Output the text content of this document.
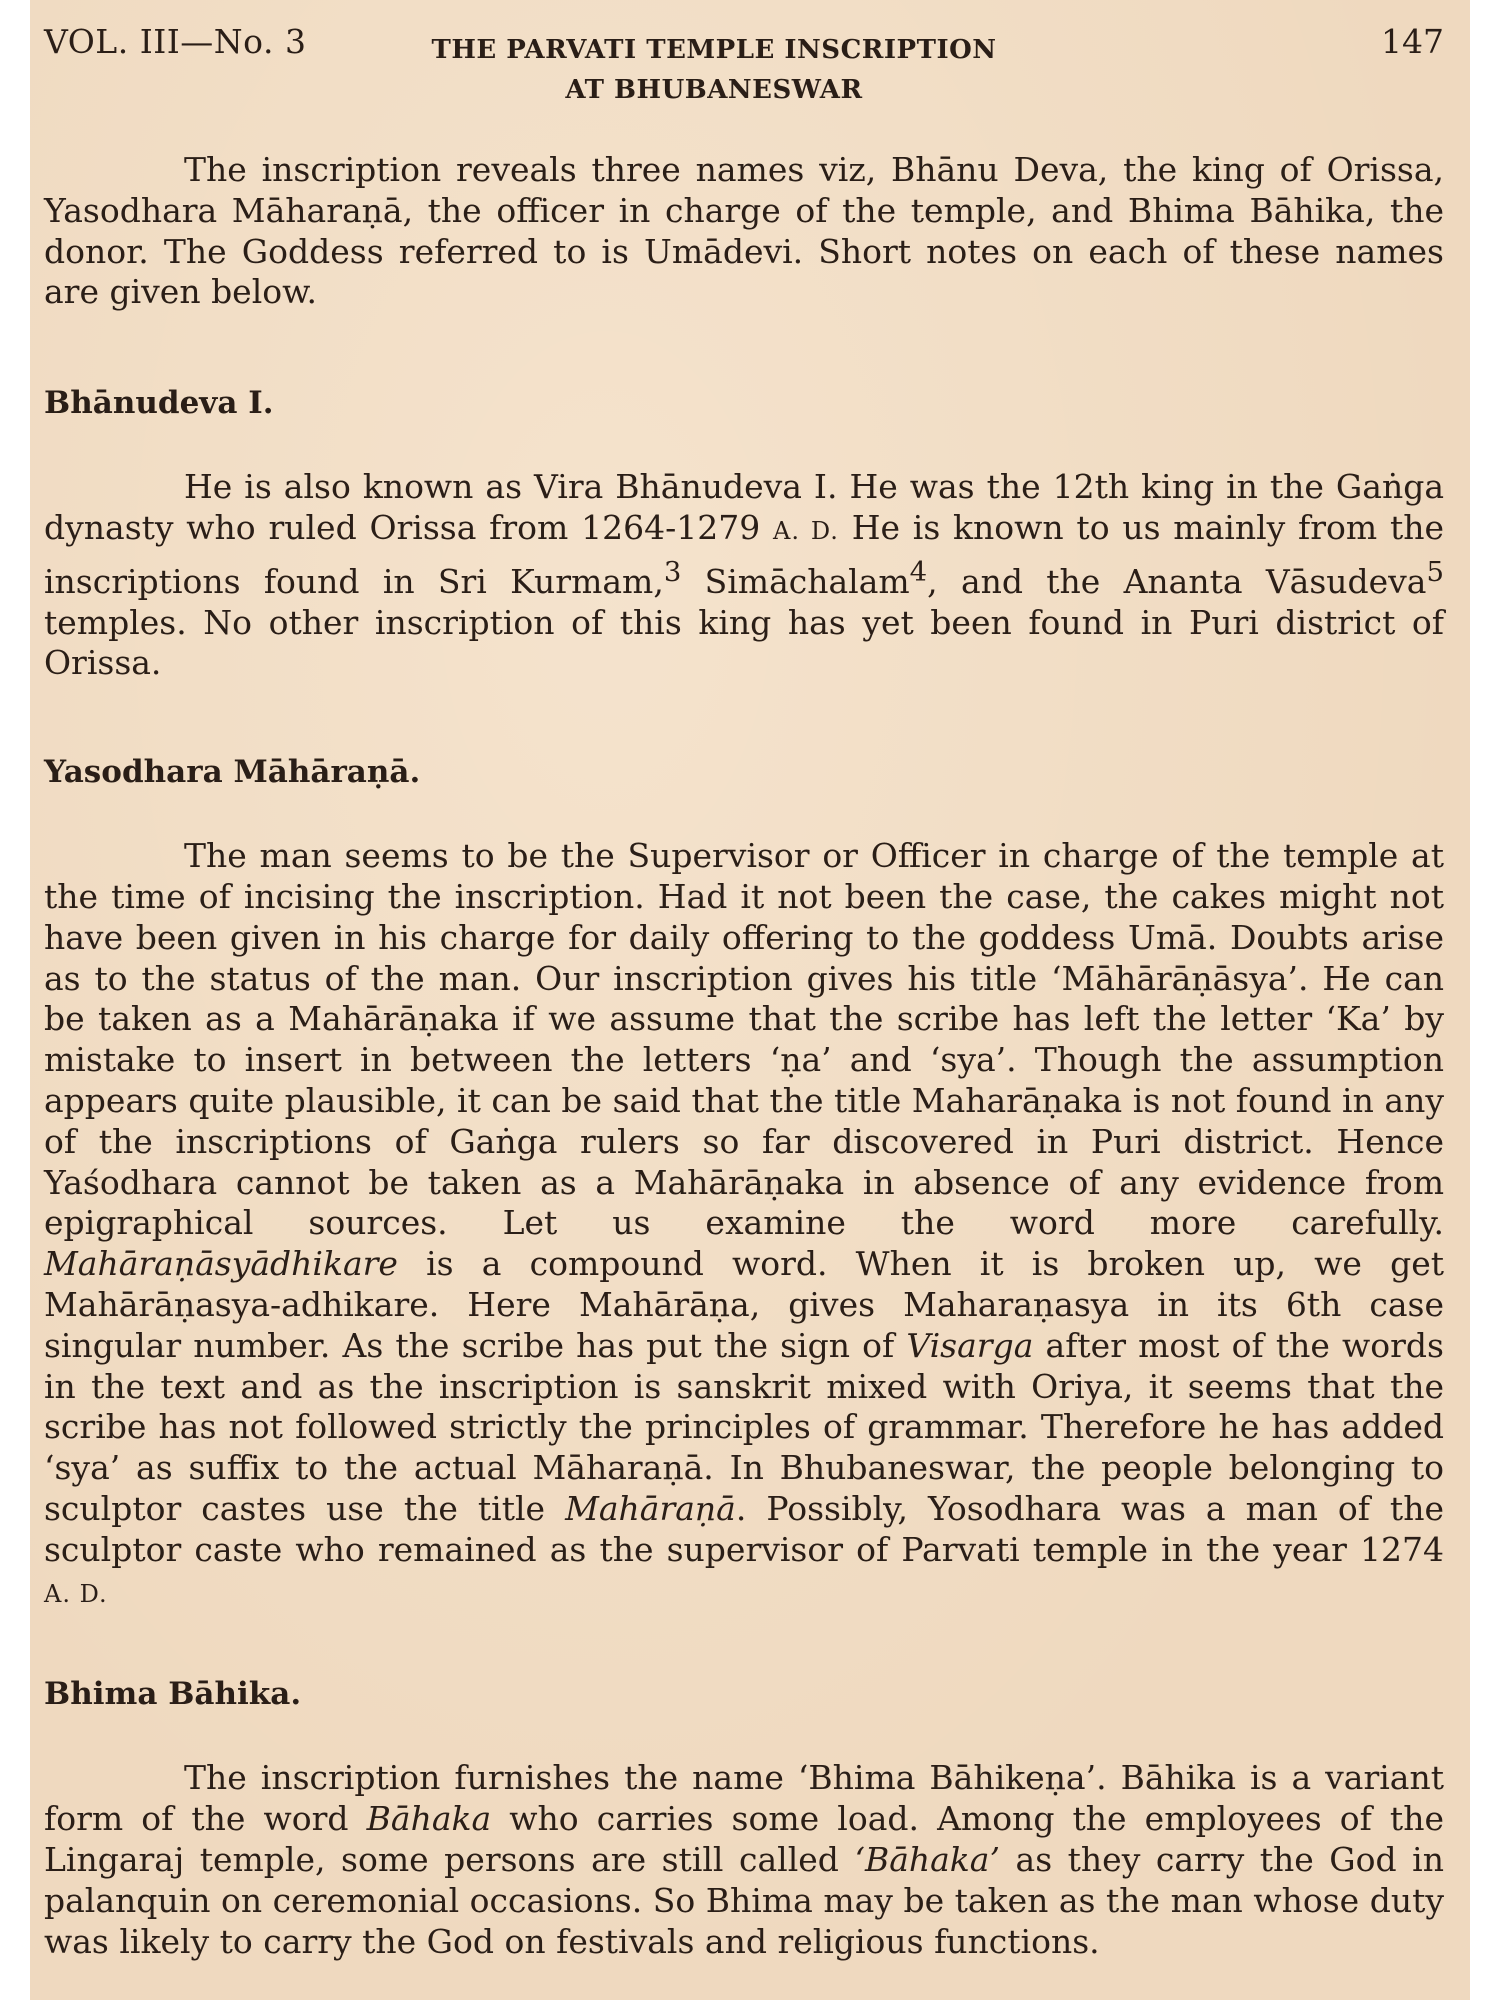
VOL. III—No. 3	THE PARVATI TEMPLE INSCRIPTION
AT BHUBANESWAR
147

The inscription reveals three names viz, Bhānu Deva, the king of Orissa, Yasodhara Māharaṇā, the officer in charge of the temple, and Bhima Bāhika, the donor. The Goddess referred to is Umādevi. Short notes on each of these names are given below.

Bhānudeva I.

He is also known as Vira Bhānudeva I. He was the 12th king in the Gaṅga dynasty who ruled Orissa from 1264-1279 A. D. He is known to us mainly from the inscriptions found in Sri Kurmam,$^3$ Simāchalam$^4$, and the Ananta Vāsudeva$^5$ temples. No other inscription of this king has yet been found in Puri district of Orissa.

Yasodhara Māhāraṇā.

The man seems to be the Supervisor or Officer in charge of the temple at the time of incising the inscription. Had it not been the case, the cakes might not have been given in his charge for daily offering to the goddess Umā. Doubts arise as to the status of the man. Our inscription gives his title ‘Māhārāṇāsya’. He can be taken as a Mahārāṇaka if we assume that the scribe has left the letter ‘Ka’ by mistake to insert in between the letters ‘ṇa’ and ‘sya’. Though the assumption appears quite plausible, it can be said that the title Maharāṇaka is not found in any of the inscriptions of Gaṅga rulers so far discovered in Puri district. Hence Yaśodhara cannot be taken as a Mahārāṇaka in absence of any evidence from epigraphical sources. Let us examine the word more carefully. Mahāraṇāsyādhikare is a compound word. When it is broken up, we get Mahārāṇasya-adhikare. Here Mahārāṇa, gives Maharaṇasya in its 6th case singular number. As the scribe has put the sign of Visarga after most of the words in the text and as the inscription is sanskrit mixed with Oriya, it seems that the scribe has not followed strictly the principles of grammar. Therefore he has added ‘sya’ as suffix to the actual Māharaṇā. In Bhubaneswar, the people belonging to sculptor castes use the title Mahāraṇā. Possibly, Yosodhara was a man of the sculptor caste who remained as the supervisor of Parvati temple in the year 1274 A. D.

Bhima Bāhika.

The inscription furnishes the name ‘Bhima Bāhikeṇa’. Bāhika is a variant form of the word Bāhaka who carries some load. Among the employees of the Lingaraj temple, some persons are still called ‘Bāhaka’ as they carry the God in palanquin on ceremonial occasions. So Bhima may be taken as the man whose duty was likely to carry the God on festivals and religious functions.
